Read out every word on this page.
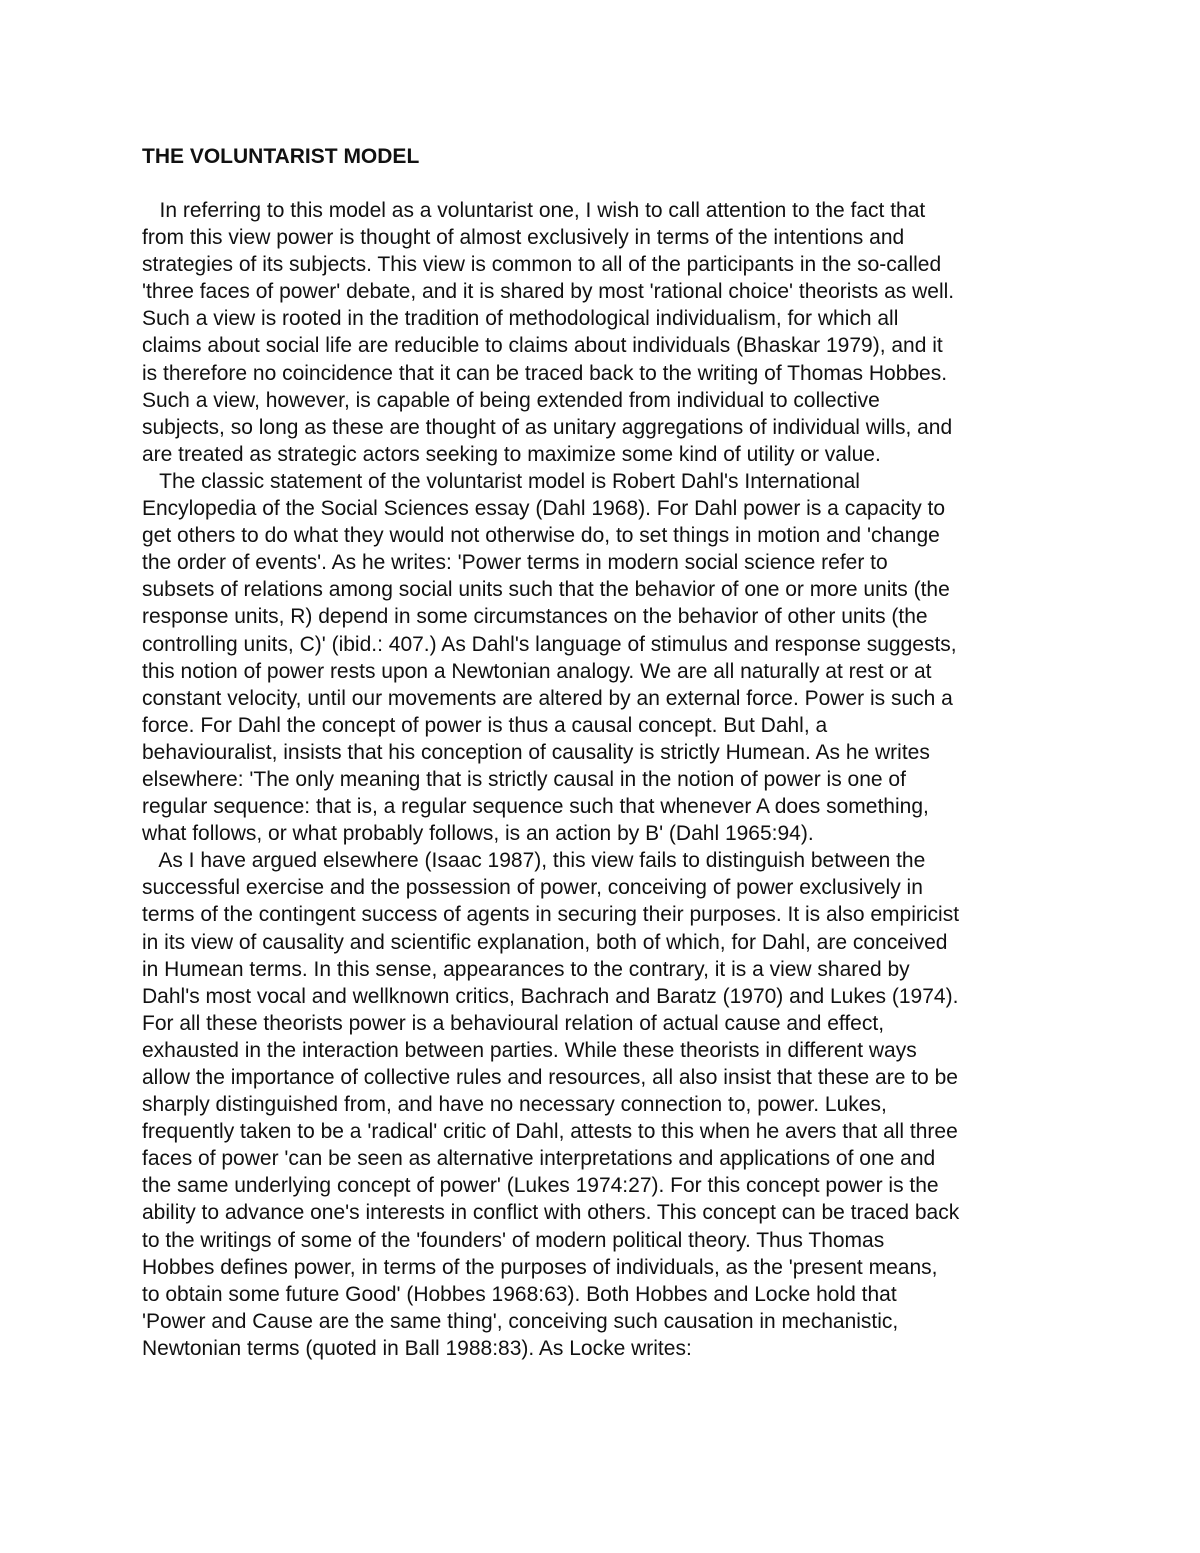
THE VOLUNTARIST MODEL
In referring to this model as a voluntarist one, I wish to call attention to the fact that
from this view power is thought of almost exclusively in terms of the intentions and
strategies of its subjects. This view is common to all of the participants in the so-called
'three faces of power' debate, and it is shared by most 'rational choice' theorists as well.
Such a view is rooted in the tradition of methodological individualism, for which all
claims about social life are reducible to claims about individuals (Bhaskar 1979), and it
is therefore no coincidence that it can be traced back to the writing of Thomas Hobbes.
Such a view, however, is capable of being extended from individual to collective
subjects, so long as these are thought of as unitary aggregations of individual wills, and
are treated as strategic actors seeking to maximize some kind of utility or value.
The classic statement of the voluntarist model is Robert Dahl's International
Encylopedia of the Social Sciences essay (Dahl 1968). For Dahl power is a capacity to
get others to do what they would not otherwise do, to set things in motion and 'change
the order of events'. As he writes: 'Power terms in modern social science refer to
subsets of relations among social units such that the behavior of one or more units (the
response units, R) depend in some circumstances on the behavior of other units (the
controlling units, C)' (ibid.: 407.) As Dahl's language of stimulus and response suggests,
this notion of power rests upon a Newtonian analogy. We are all naturally at rest or at
constant velocity, until our movements are altered by an external force. Power is such a
force. For Dahl the concept of power is thus a causal concept. But Dahl, a
behaviouralist, insists that his conception of causality is strictly Humean. As he writes
elsewhere: 'The only meaning that is strictly causal in the notion of power is one of
regular sequence: that is, a regular sequence such that whenever A does something,
what follows, or what probably follows, is an action by B' (Dahl 1965:94).
As I have argued elsewhere (Isaac 1987), this view fails to distinguish between the
successful exercise and the possession of power, conceiving of power exclusively in
terms of the contingent success of agents in securing their purposes. It is also empiricist
in its view of causality and scientific explanation, both of which, for Dahl, are conceived
in Humean terms. In this sense, appearances to the contrary, it is a view shared by
Dahl's most vocal and wellknown critics, Bachrach and Baratz (1970) and Lukes (1974).
For all these theorists power is a behavioural relation of actual cause and effect,
exhausted in the interaction between parties. While these theorists in different ways
allow the importance of collective rules and resources, all also insist that these are to be
sharply distinguished from, and have no necessary connection to, power. Lukes,
frequently taken to be a 'radical' critic of Dahl, attests to this when he avers that all three
faces of power 'can be seen as alternative interpretations and applications of one and
the same underlying concept of power' (Lukes 1974:27). For this concept power is the
ability to advance one's interests in conflict with others. This concept can be traced back
to the writings of some of the 'founders' of modern political theory. Thus Thomas
Hobbes defines power, in terms of the purposes of individuals, as the 'present means,
to obtain some future Good' (Hobbes 1968:63). Both Hobbes and Locke hold that
'Power and Cause are the same thing', conceiving such causation in mechanistic,
Newtonian terms (quoted in Ball 1988:83). As Locke writes:
